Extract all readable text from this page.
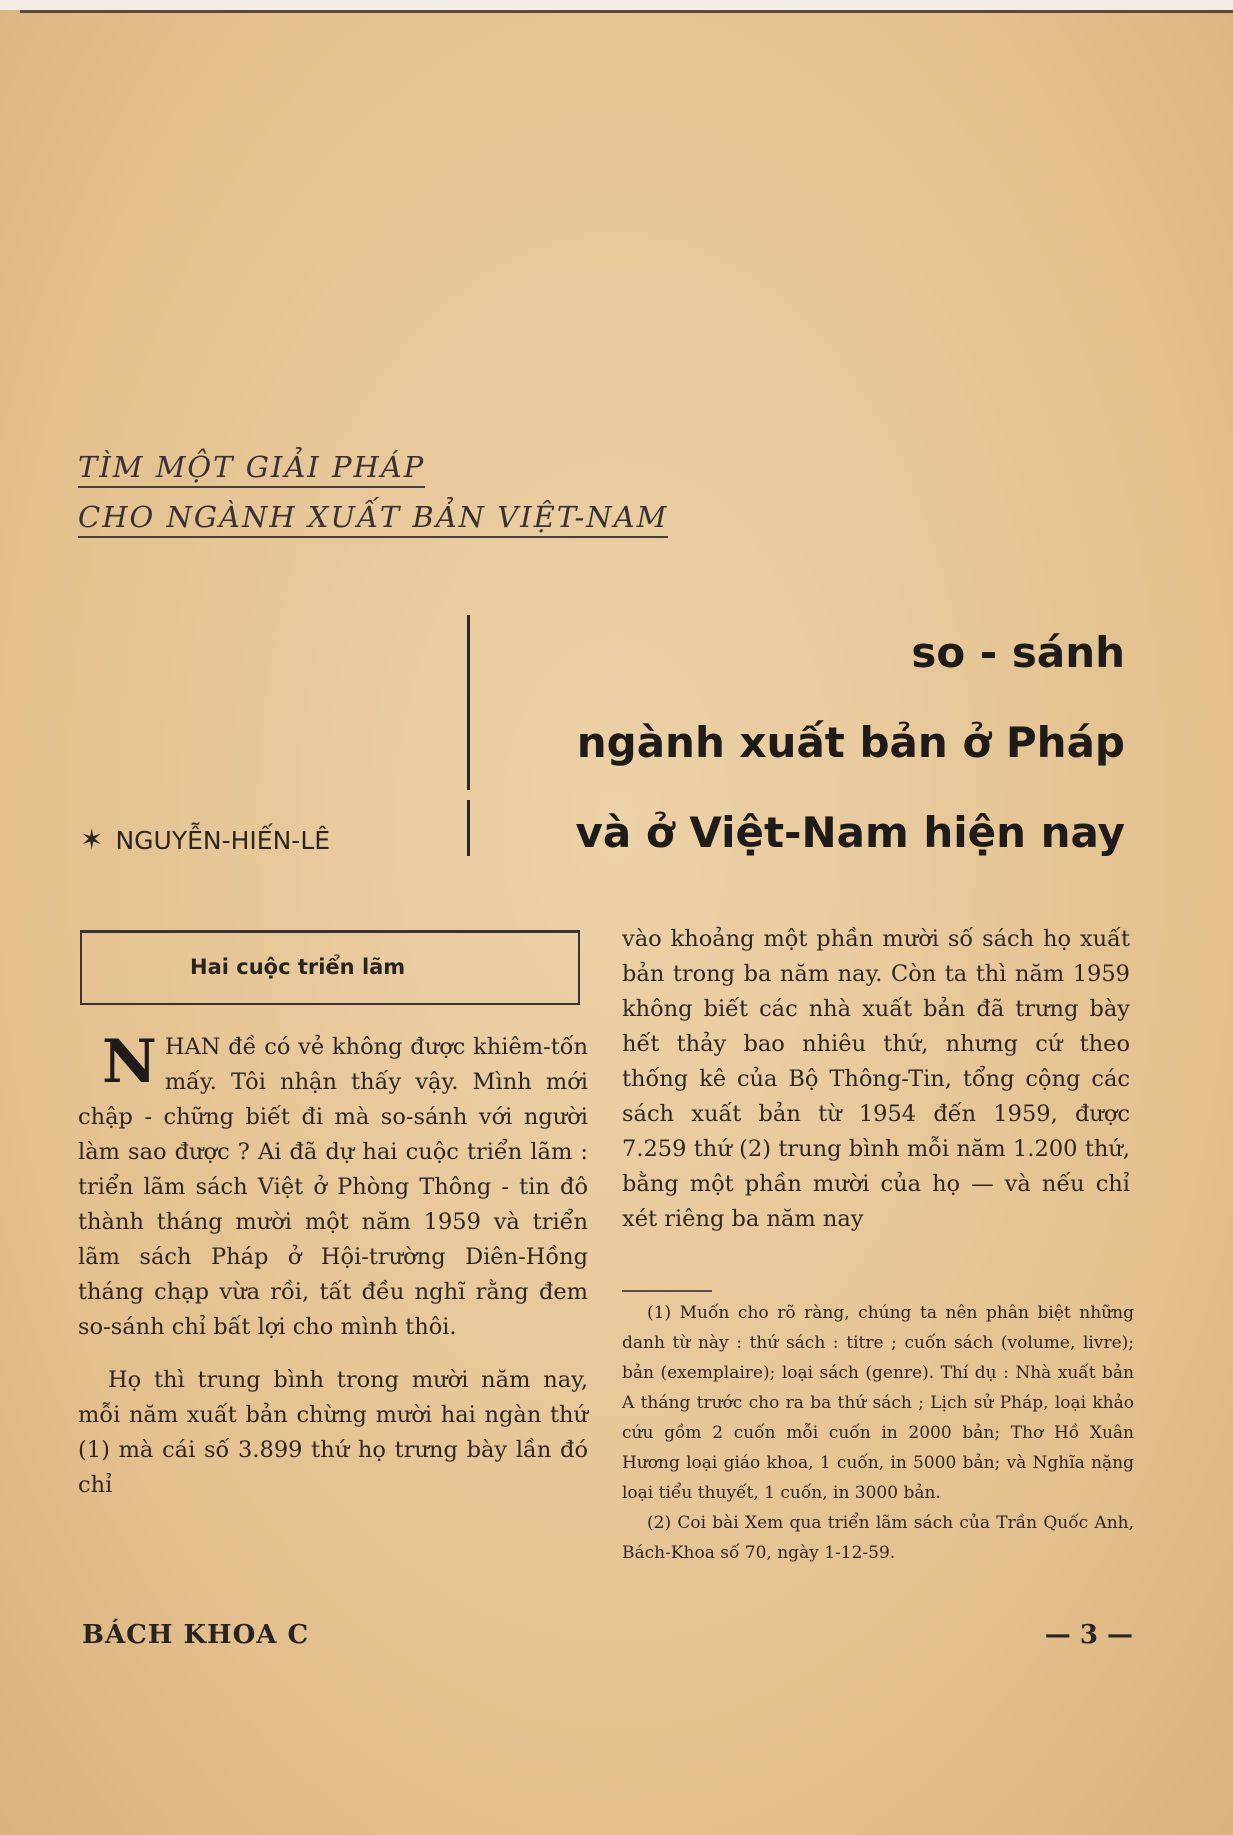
TÌM MỘT GIẢI PHÁP
CHO NGÀNH XUẤT BẢN VIỆT-NAM
so - sánh
ngành xuất bản ở Pháp
và ở Việt-Nam hiện nay
✶ NGUYỄN-HIẾN-LÊ
Hai cuộc triển lãm

NHAN đề có vẻ không được khiêm-tốn mấy. Tôi nhận thấy vậy. Mình mới chập - chững biết đi mà so-sánh với người làm sao được ? Ai đã dự hai cuộc triển lãm : triển lãm sách Việt ở Phòng Thông - tin đô thành tháng mười một năm 1959 và triển lãm sách Pháp ở Hội-trường Diên-Hồng tháng chạp vừa rồi, tất đều nghĩ rằng đem so-sánh chỉ bất lợi cho mình thôi.

Họ thì trung bình trong mười năm nay, mỗi năm xuất bản chừng mười hai ngàn thứ (1) mà cái số 3.899 thứ họ trưng bày lần đó chỉ

vào khoảng một phần mười số sách họ xuất bản trong ba năm nay. Còn ta thì năm 1959 không biết các nhà xuất bản đã trưng bày hết thảy bao nhiêu thứ, nhưng cứ theo thống kê của Bộ Thông-Tin, tổng cộng các sách xuất bản từ 1954 đến 1959, được 7.259 thứ (2) trung bình mỗi năm 1.200 thứ, bằng một phần mười của họ — và nếu chỉ xét riêng ba năm nay

(1) Muốn cho rõ ràng, chúng ta nên phân biệt những danh từ này : thứ sách : titre ; cuốn sách (volume, livre); bản (exemplaire); loại sách (genre). Thí dụ : Nhà xuất bản A tháng trước cho ra ba thứ sách ; Lịch sử Pháp, loại khảo cứu gồm 2 cuốn mỗi cuốn in 2000 bản; Thơ Hồ Xuân Hương loại giáo khoa, 1 cuốn, in 5000 bản; và Nghĩa nặng loại tiểu thuyết, 1 cuốn, in 3000 bản.

(2) Coi bài Xem qua triển lãm sách của Trần Quốc Anh, Bách-Khoa số 70, ngày 1-12-59.

BÁCH KHOA C	— 3 —
